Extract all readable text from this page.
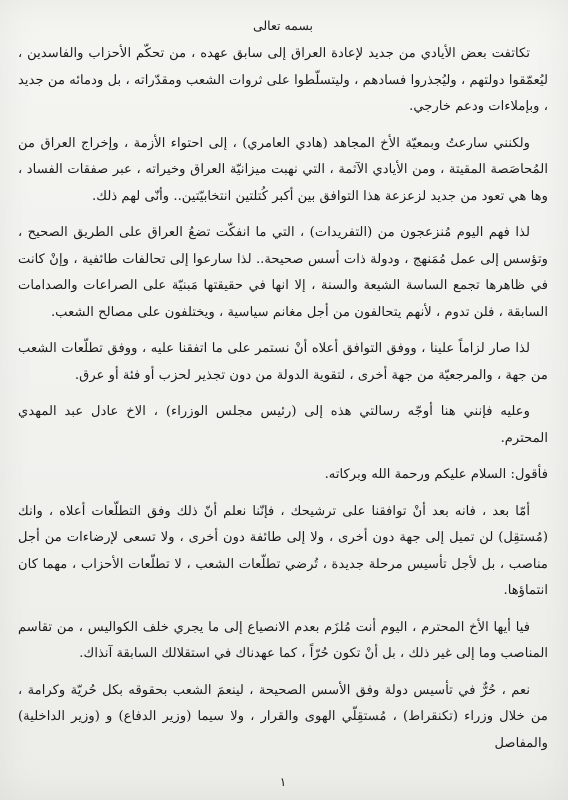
بسمه تعالى

تكاتفت بعض الأيادي من جديد لإعادة العراق إلى سابق عهده ، من تحكّم الأحزاب والفاسدين ، ليُعمّقوا دولتهم ، وليُجذروا فسادهم ، وليتسلّطوا على ثروات الشعب ومقدّراته ، بل ودمائه من جديد ، وبإملاءات ودعم خارجي.

ولكنني سارعتُ وبمعيّة الأخ المجاهد (هادي العامري) ، إلى احتواء الأزمة ، وإخراج العراق من المُحاصَصة المقيتة ، ومن الأيادي الآثمة ، التي نهبت ميزانيّة العراق وخيراته ، عبر صفقات الفساد ، وها هي تعود من جديد لزعزعة هذا التوافق بين أكبر كُتلتين انتخابيّتين.. وأنّى لهم ذلك.

لذا فهم اليوم مُنزعجون من (التفريدات) ، التي ما انفكّت تضعُ العراق على الطريق الصحيح ، وتؤسس إلى عمل مُمَنهج ، ودولة ذات أسس صحيحة.. لذا سارعوا إلى تحالفات طائفية ، وإنْ كانت في ظاهرها تجمع الساسة الشيعة والسنة ، إلا انها في حقيقتها مَبنيّة على الصراعات والصدامات السابقة ، فلن تدوم ، لأنهم يتحالفون من أجل مغانم سياسية ، ويختلفون على مصالح الشعب.

لذا صار لزاماً علينا ، ووفق التوافق أعلاه أنْ نستمر على ما اتفقنا عليه ، ووفق تطلّعات الشعب من جهة ، والمرجعيّة من جهة أخرى ، لتقوية الدولة من دون تجذير لحزب أو فئة أو عرق.

وعليه فإنني هنا أوجّه رسالتي هذه إلى (رئيس مجلس الوزراء) ، الاخ عادل عبد المهدي المحترم.

فأقول: السلام عليكم ورحمة الله وبركاته.

أمّا بعد ، فانه بعد أنْ توافقنا على ترشيحك ، فإنّنا نعلم أنّ ذلك وفق التطلّعات أعلاه ، وانك (مُستقِل) لن تميل إلى جهة دون أخرى ، ولا إلى طائفة دون أخرى ، ولا تسعى لإرضاءات من أجل مناصب ، بل لأجل تأسيس مرحلة جديدة ، تُرضي تطلّعات الشعب ، لا تطلّعات الأحزاب ، مهما كان انتماؤها.

فيا أيها الأخ المحترم ، اليوم أنت مُلزَم بعدم الانصياع إلى ما يجري خلف الكواليس ، من تقاسم المناصب وما إلى غير ذلك ، بل أنْ تكون حُرّاً ، كما عهدناك في استقلالك السابقة آنذاك.

نعم ، حُرٌّ في تأسيس دولة وفق الأسس الصحيحة ، لينعمَ الشعب بحقوقه بكل حُريّة وكرامة ، من خلال وزراء (تكنقراط) ، مُستقِلّي الهوى والقرار ، ولا سيما (وزير الدفاع) و (وزير الداخلية) والمفاصل

١
